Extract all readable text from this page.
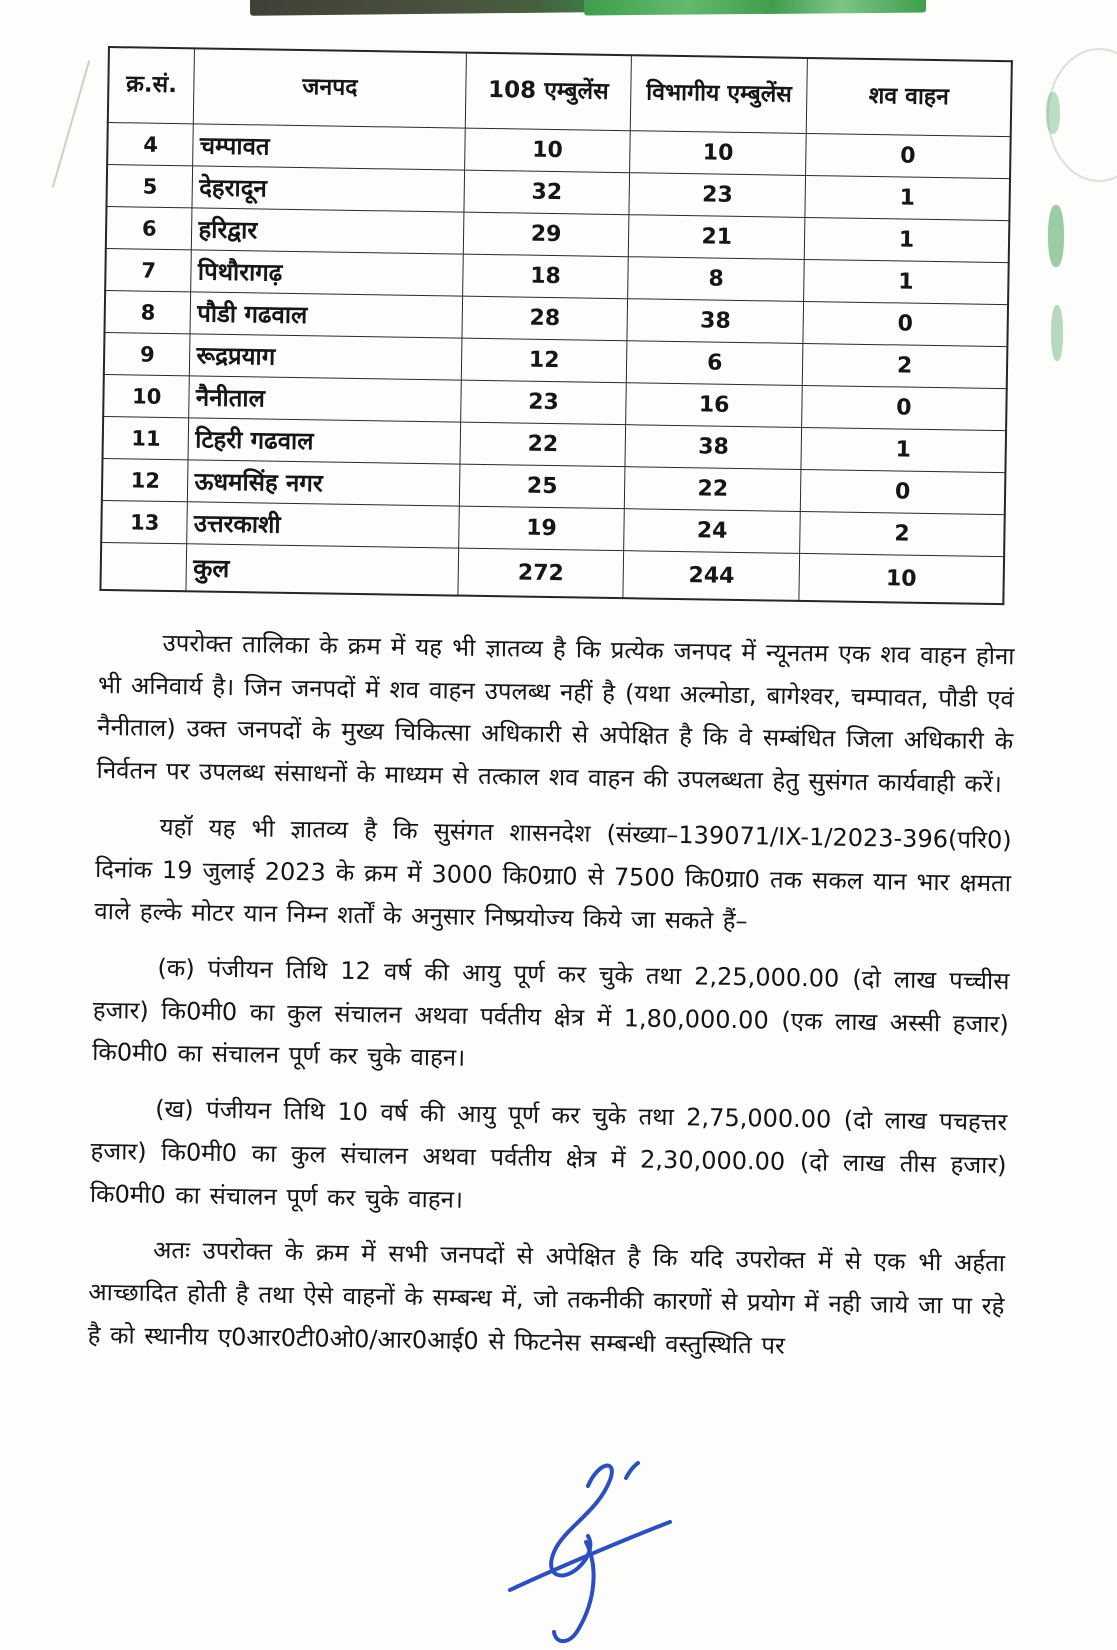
क्र.सं.	जनपद	108 एम्बुलेंस	विभागीय एम्बुलेंस	शव वाहन
4	चम्पावत	10	10	0
5	देहरादून	32	23	1
6	हरिद्वार	29	21	1
7	पिथौरागढ़	18	8	1
8	पौडी गढवाल	28	38	0
9	रूद्रप्रयाग	12	6	2
10	नैनीताल	23	16	0
11	टिहरी गढवाल	22	38	1
12	ऊधमसिंह नगर	25	22	0
13	उत्तरकाशी	19	24	2
	कुल	272	244	10

उपरोक्त तालिका के क्रम में यह भी ज्ञातव्य है कि प्रत्येक जनपद में न्यूनतम एक शव वाहन होना भी अनिवार्य है। जिन जनपदों में शव वाहन उपलब्ध नहीं है (यथा अल्मोडा, बागेश्वर, चम्पावत, पौडी एवं नैनीताल) उक्त जनपदों के मुख्य चिकित्सा अधिकारी से अपेक्षित है कि वे सम्बंधित जिला अधिकारी के निर्वतन पर उपलब्ध संसाधनों के माध्यम से तत्काल शव वाहन की उपलब्धता हेतु सुसंगत कार्यवाही करें।

यहॉ यह भी ज्ञातव्य है कि सुसंगत शासनदेश (संख्या–139071/IX-1/2023-396(परि0) दिनांक 19 जुलाई 2023 के क्रम में 3000 कि0ग्रा0 से 7500 कि0ग्रा0 तक सकल यान भार क्षमता वाले हल्के मोटर यान निम्न शर्तों के अनुसार निष्प्रयोज्य किये जा सकते हैं–

(क) पंजीयन तिथि 12 वर्ष की आयु पूर्ण कर चुके तथा 2,25,000.00 (दो लाख पच्चीस हजार) कि0मी0 का कुल संचालन अथवा पर्वतीय क्षेत्र में 1,80,000.00 (एक लाख अस्सी हजार) कि0मी0 का संचालन पूर्ण कर चुके वाहन।

(ख) पंजीयन तिथि 10 वर्ष की आयु पूर्ण कर चुके तथा 2,75,000.00 (दो लाख पचहत्तर हजार) कि0मी0 का कुल संचालन अथवा पर्वतीय क्षेत्र में 2,30,000.00 (दो लाख तीस हजार) कि0मी0 का संचालन पूर्ण कर चुके वाहन।

अतः उपरोक्त के क्रम में सभी जनपदों से अपेक्षित है कि यदि उपरोक्त में से एक भी अर्हता आच्छादित होती है तथा ऐसे वाहनों के सम्बन्ध में, जो तकनीकी कारणों से प्रयोग में नही जाये जा पा रहे है को स्थानीय ए0आर0टी0ओ0/आर0आई0 से फिटनेस सम्बन्धी वस्तुस्थिति पर
